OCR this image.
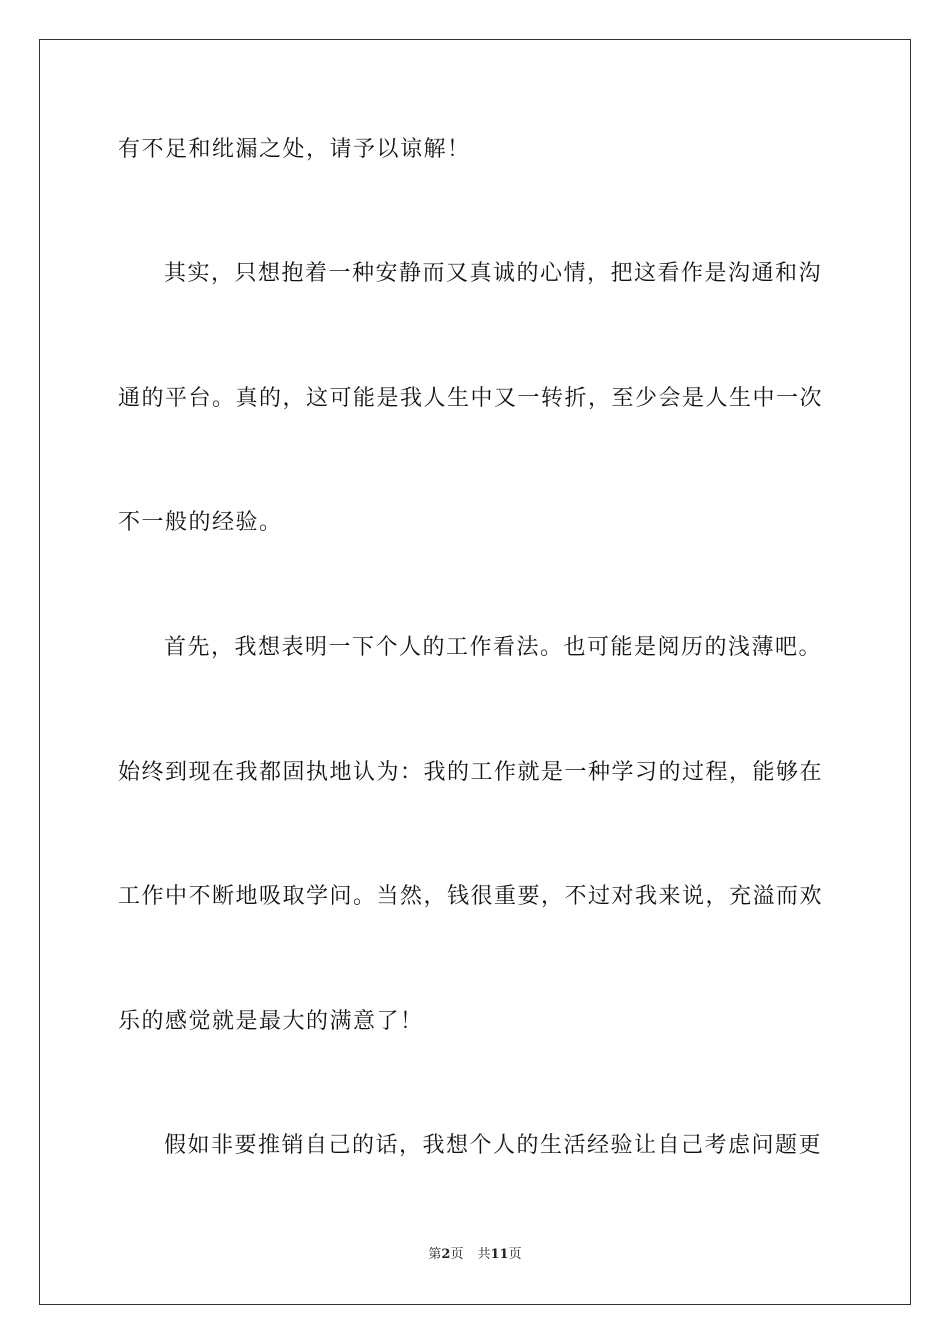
有不足和纰漏之处，请予以谅解！
其实，只想抱着一种安静而又真诚的心情，把这看作是沟通和沟
通的平台。真的，这可能是我人生中又一转折，至少会是人生中一次
不一般的经验。
首先，我想表明一下个人的工作看法。也可能是阅历的浅薄吧。
始终到现在我都固执地认为：我的工作就是一种学习的过程，能够在
工作中不断地吸取学问。当然，钱很重要，不过对我来说，充溢而欢
乐的感觉就是最大的满意了！
假如非要推销自己的话，我想个人的生活经验让自己考虑问题更
第2页 共11页
